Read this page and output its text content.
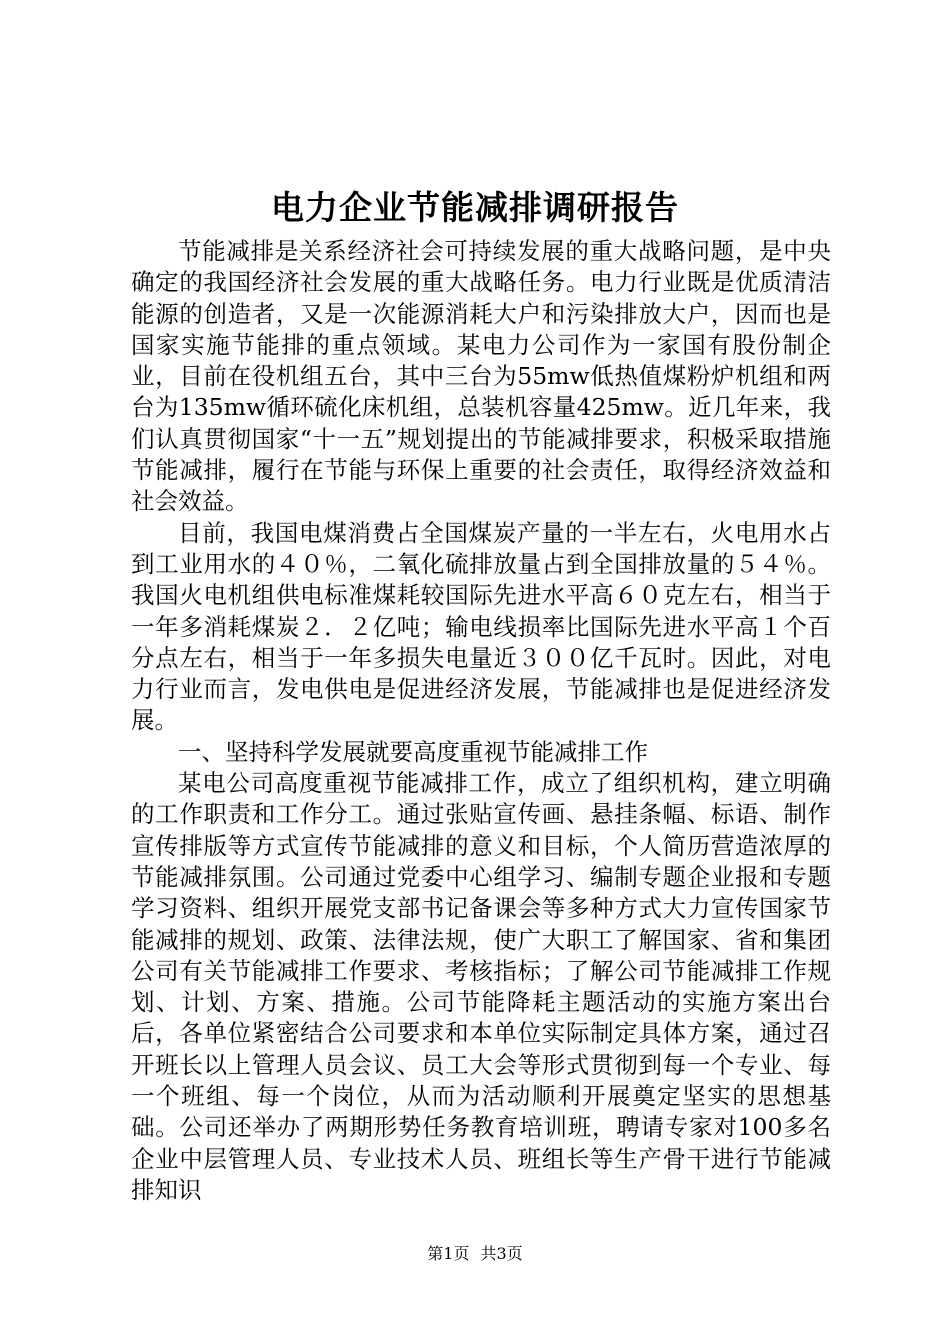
电力企业节能减排调研报告

节能减排是关系经济社会可持续发展的重大战略问题，是中央确定的我国经济社会发展的重大战略任务。电力行业既是优质清洁能源的创造者，又是一次能源消耗大户和污染排放大户，因而也是国家实施节能排的重点领域。某电力公司作为一家国有股份制企业，目前在役机组五台，其中三台为55mw低热值煤粉炉机组和两台为135mw循环硫化床机组，总装机容量425mw。近几年来，我们认真贯彻国家“十一五”规划提出的节能减排要求，积极采取措施节能减排，履行在节能与环保上重要的社会责任，取得经济效益和社会效益。

目前，我国电煤消费占全国煤炭产量的一半左右，火电用水占到工业用水的４０％，二氧化硫排放量占到全国排放量的５４％。我国火电机组供电标准煤耗较国际先进水平高６０克左右，相当于一年多消耗煤炭２．２亿吨；输电线损率比国际先进水平高１个百分点左右，相当于一年多损失电量近３００亿千瓦时。因此，对电力行业而言，发电供电是促进经济发展，节能减排也是促进经济发展。

一、坚持科学发展就要高度重视节能减排工作

某电公司高度重视节能减排工作，成立了组织机构，建立明确的工作职责和工作分工。通过张贴宣传画、悬挂条幅、标语、制作宣传排版等方式宣传节能减排的意义和目标，个人简历营造浓厚的节能减排氛围。公司通过党委中心组学习、编制专题企业报和专题学习资料、组织开展党支部书记备课会等多种方式大力宣传国家节能减排的规划、政策、法律法规，使广大职工了解国家、省和集团公司有关节能减排工作要求、考核指标；了解公司节能减排工作规划、计划、方案、措施。公司节能降耗主题活动的实施方案出台后，各单位紧密结合公司要求和本单位实际制定具体方案，通过召开班长以上管理人员会议、员工大会等形式贯彻到每一个专业、每一个班组、每一个岗位，从而为活动顺利开展奠定坚实的思想基础。公司还举办了两期形势任务教育培训班，聘请专家对100多名企业中层管理人员、专业技术人员、班组长等生产骨干进行节能减排知识

第1页 共3页
